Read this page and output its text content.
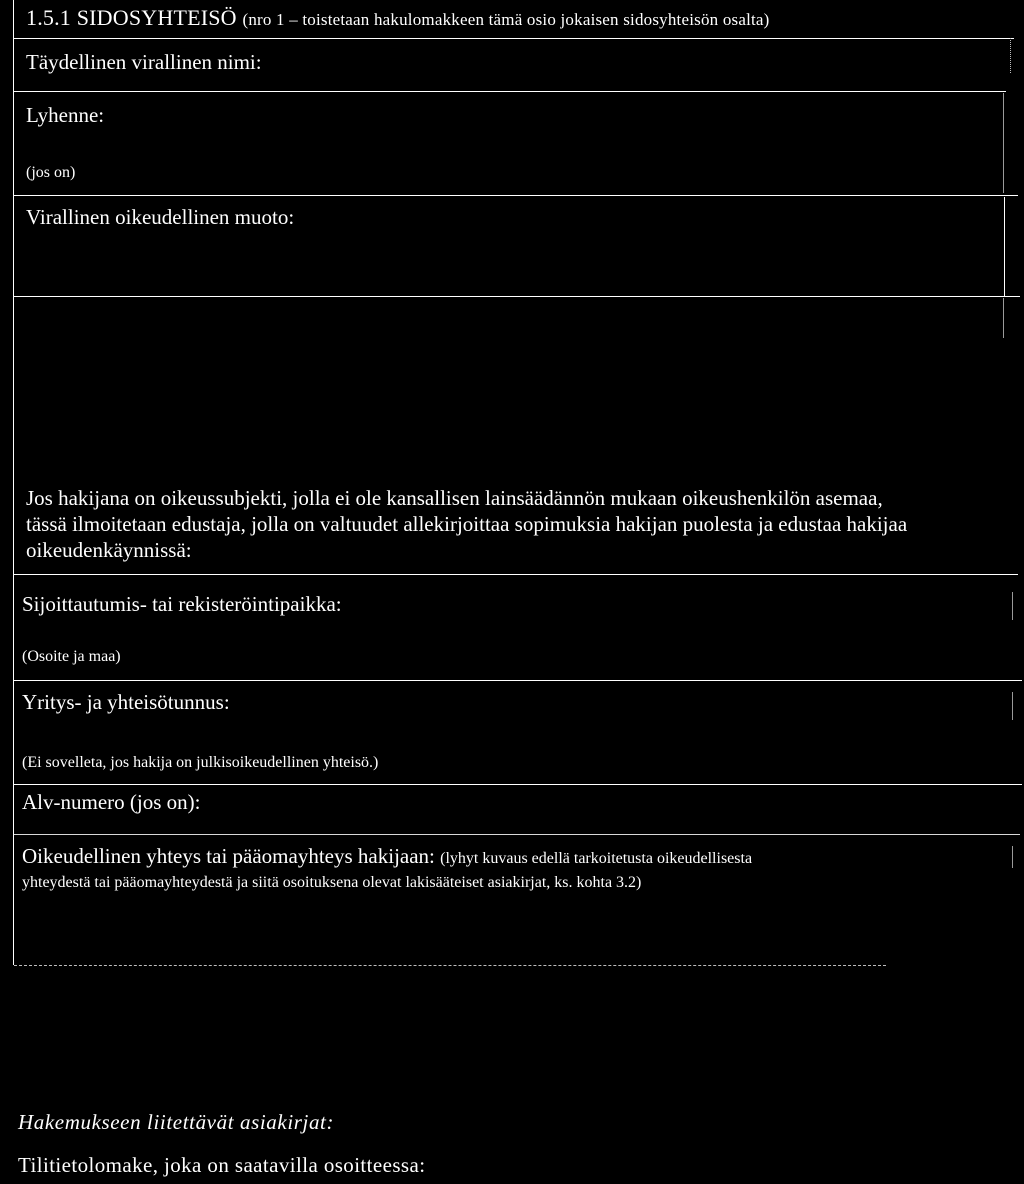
1.5.1 SIDOSYHTEISÖ (nro 1 – toistetaan hakulomakkeen tämä osio jokaisen sidosyhteisön osalta)
Täydellinen virallinen nimi:
Lyhenne:
(jos on)
Virallinen oikeudellinen muoto:
Jos hakijana on oikeussubjekti, jolla ei ole kansallisen lainsäädännön mukaan oikeushenkilön asemaa, tässä ilmoitetaan edustaja, jolla on valtuudet allekirjoittaa sopimuksia hakijan puolesta ja edustaa hakijaa oikeudenkäynnissä:
Sijoittautumis- tai rekisteröintipaikka:
(Osoite ja maa)
Yritys- ja yhteisötunnus:
(Ei sovelleta, jos hakija on julkisoikeudellinen yhteisö.)
Alv-numero (jos on):
Oikeudellinen yhteys tai pääomayhteys hakijaan: (lyhyt kuvaus edellä tarkoitetusta oikeudellisesta
yhteydestä tai pääomayhteydestä ja siitä osoituksena olevat lakisääteiset asiakirjat, ks. kohta 3.2)
Hakemukseen liitettävät asiakirjat:
Tilitietolomake, joka on saatavilla osoitteessa:
